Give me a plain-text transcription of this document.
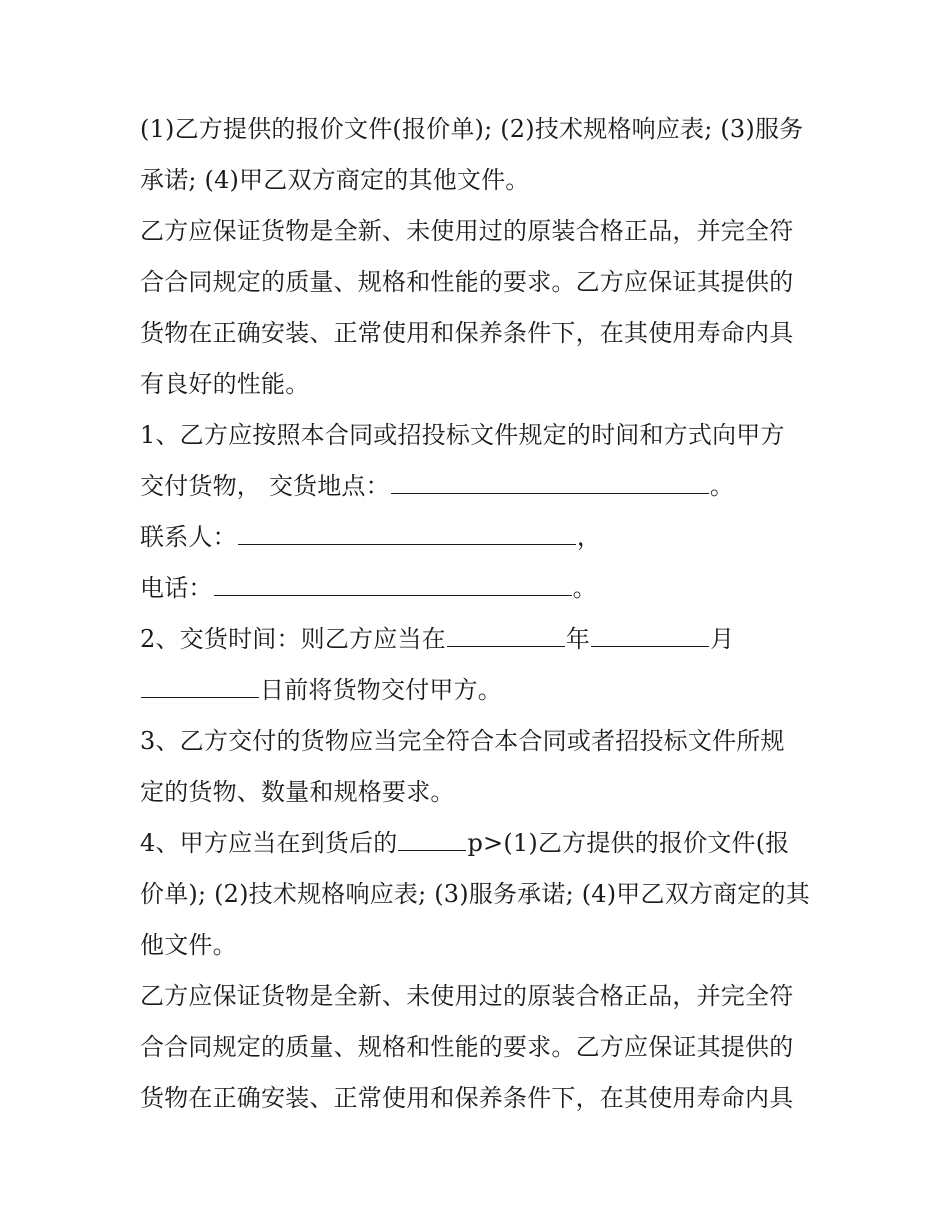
(1)乙方提供的报价文件(报价单); (2)技术规格响应表; (3)服务
承诺; (4)甲乙双方商定的其他文件。
乙方应保证货物是全新、未使用过的原装合格正品，并完全符
合合同规定的质量、规格和性能的要求。乙方应保证其提供的
货物在正确安装、正常使用和保养条件下，在其使用寿命内具
有良好的性能。
1、乙方应按照本合同或招投标文件规定的时间和方式向甲方
交付货物， 交货地点：	。
联系人：	，
电话：	。
2、交货时间：则乙方应当在	年	月
日前将货物交付甲方。
3、乙方交付的货物应当完全符合本合同或者招投标文件所规
定的货物、数量和规格要求。
4、甲方应当在到货后的	p>(1)乙方提供的报价文件(报
价单); (2)技术规格响应表; (3)服务承诺; (4)甲乙双方商定的其
他文件。
乙方应保证货物是全新、未使用过的原装合格正品，并完全符
合合同规定的质量、规格和性能的要求。乙方应保证其提供的
货物在正确安装、正常使用和保养条件下，在其使用寿命内具
